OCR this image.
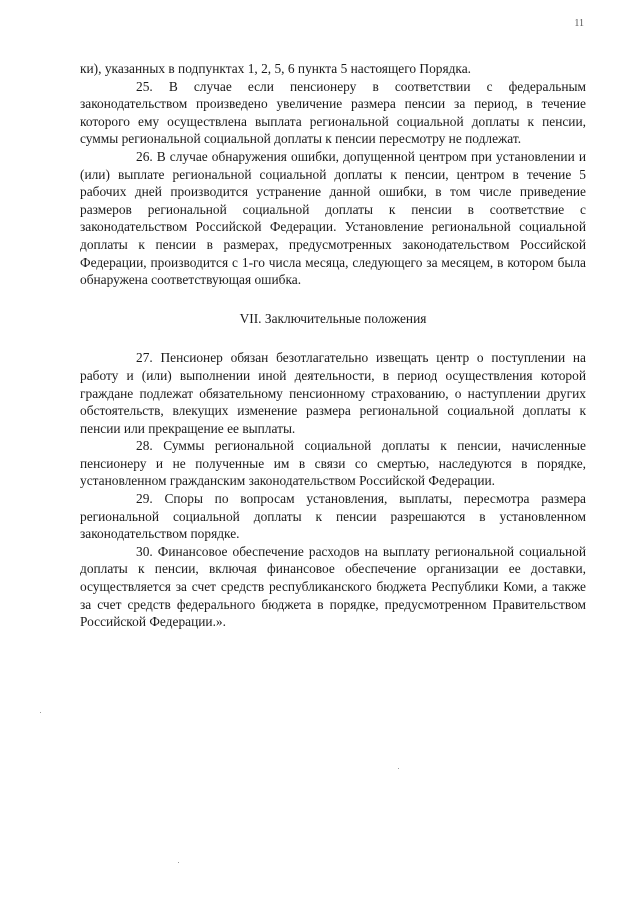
11

ки), указанных в подпунктах 1, 2, 5, 6 пункта 5 настоящего Порядка.

25. В случае если пенсионеру в соответствии с федеральным законодательством произведено увеличение размера пенсии за период, в течение которого ему осуществлена выплата региональной социальной доплаты к пенсии, суммы региональной социальной доплаты к пенсии пересмотру не подлежат.

26. В случае обнаружения ошибки, допущенной центром при установлении и (или) выплате региональной социальной доплаты к пенсии, центром в течение 5 рабочих дней производится устранение данной ошибки, в том числе приведение размеров региональной социальной доплаты к пенсии в соответствие с законодательством Российской Федерации. Установление региональной социальной доплаты к пенсии в размерах, предусмотренных законодательством Российской Федерации, производится с 1-го числа месяца, следующего за месяцем, в котором была обнаружена соответствующая ошибка.

VII. Заключительные положения

27. Пенсионер обязан безотлагательно извещать центр о поступлении на работу и (или) выполнении иной деятельности, в период осуществления которой граждане подлежат обязательному пенсионному страхованию, о наступлении других обстоятельств, влекущих изменение размера региональной социальной доплаты к пенсии или прекращение ее выплаты.

28. Суммы региональной социальной доплаты к пенсии, начисленные пенсионеру и не полученные им в связи со смертью, наследуются в порядке, установленном гражданским законодательством Российской Федерации.

29. Споры по вопросам установления, выплаты, пересмотра размера региональной социальной доплаты к пенсии разрешаются в установленном законодательством порядке.

30. Финансовое обеспечение расходов на выплату региональной социальной доплаты к пенсии, включая финансовое обеспечение организации ее доставки, осуществляется за счет средств республиканского бюджета Республики Коми, а также за счет средств федерального бюджета в порядке, предусмотренном Правительством Российской Федерации.».
